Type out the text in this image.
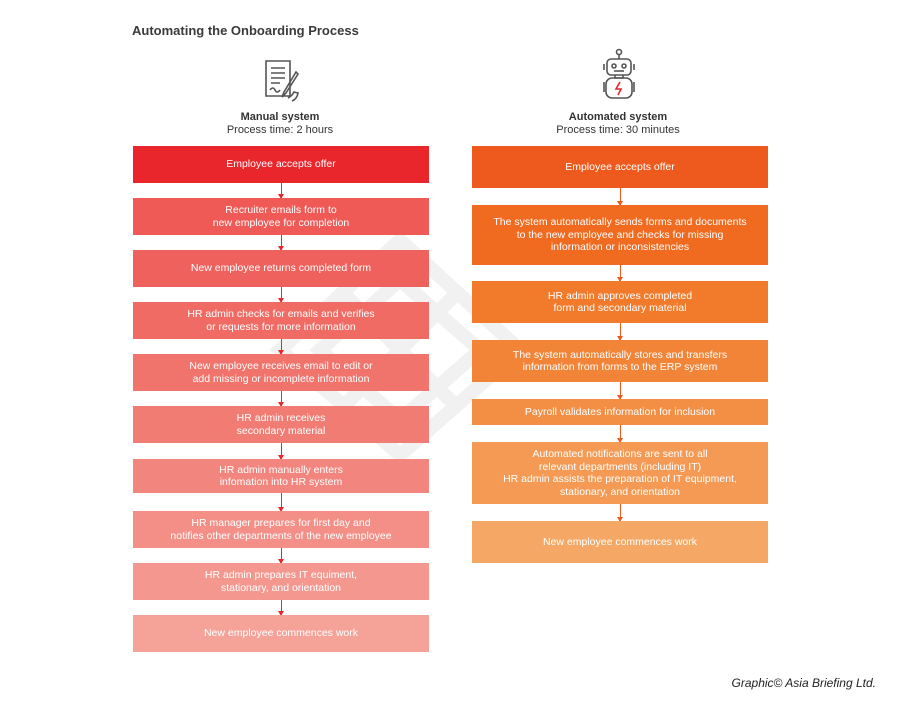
Automating the Onboarding Process
Manual system
Process time: 2 hours
Automated system
Process time: 30 minutes
Employee accepts offer
Recruiter emails form to
new employee for completion
New employee returns completed form
HR admin checks for emails and verifies
or requests for more information
New employee receives email to edit or
add missing or incomplete information
HR admin receives
secondary material
HR admin manually enters
infomation into HR system
HR manager prepares for first day and
notifies other departments of the new employee
HR admin prepares IT equiment,
stationary, and orientation
New employee commences work
Employee accepts offer
The system automatically sends forms and documents
to the new employee and checks for missing
information or inconsistencies
HR admin approves completed
form and secondary material
The system automatically stores and transfers
information from forms to the ERP system
Payroll validates information for inclusion
Automated notifications are sent to all
relevant departments (including IT)
HR admin assists the preparation of IT equipment,
stationary, and orientation
New employee commences work
Graphic© Asia Briefing Ltd.
